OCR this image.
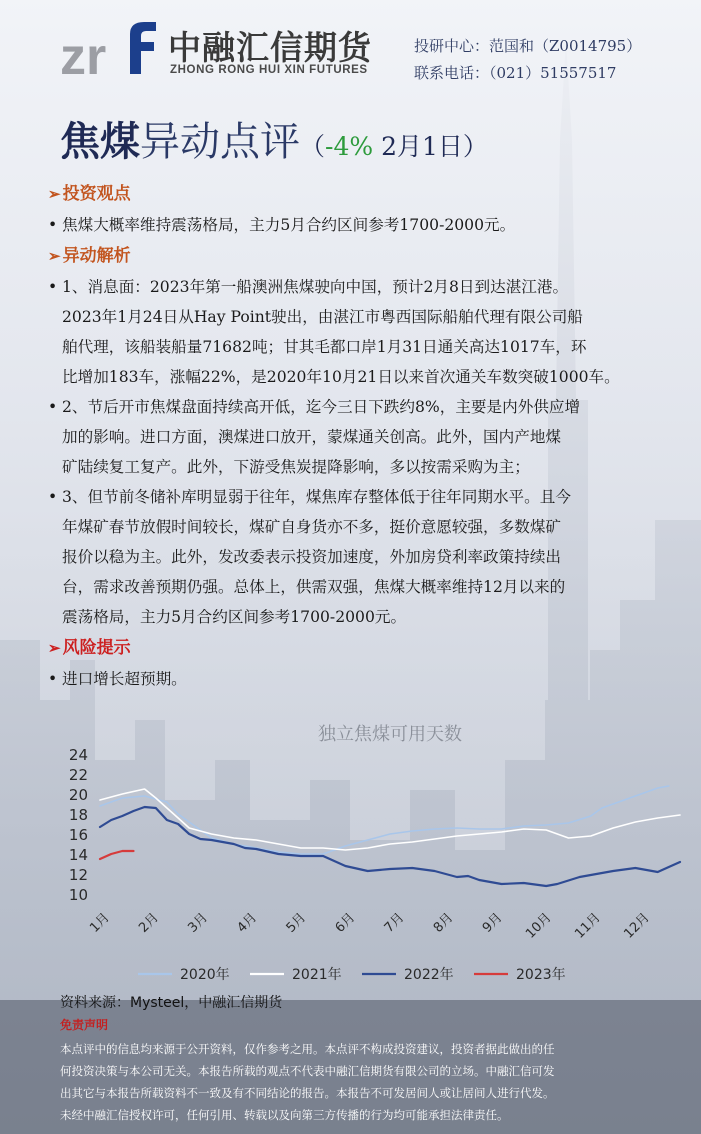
zr 中融汇信期货
ZHONG RONG HUI XIN FUTURES
投研中心：范国和（Z0014795）
联系电话：（021）51557517
焦煤异动点评（-4% 2月1日）
➢ 投资观点
• 焦煤大概率维持震荡格局，主力5月合约区间参考1700-2000元。
➢ 异动解析
• 1、消息面：2023年第一船澳洲焦煤驶向中国，预计2月8日到达湛江港。
2023年1月24日从Hay Point驶出，由湛江市粤西国际船舶代理有限公司船
舶代理，该船装船量71682吨；甘其毛都口岸1月31日通关高达1017车，环
比增加183车，涨幅22%，是2020年10月21日以来首次通关车数突破1000车。
• 2、节后开市焦煤盘面持续高开低，迄今三日下跌约8%，主要是内外供应增
加的影响。进口方面，澳煤进口放开，蒙煤通关创高。此外，国内产地煤
矿陆续复工复产。此外，下游受焦炭提降影响，多以按需采购为主；
• 3、但节前冬储补库明显弱于往年，煤焦库存整体低于往年同期水平。且今
年煤矿春节放假时间较长，煤矿自身货亦不多，挺价意愿较强，多数煤矿
报价以稳为主。此外，发改委表示投资加速度，外加房贷利率政策持续出
台，需求改善预期仍强。总体上，供需双强，焦煤大概率维持12月以来的
震荡格局，主力5月合约区间参考1700-2000元。
➢ 风险提示
• 进口增长超预期。
独立焦煤可用天数
10
12
14
16
18
20
22
24
1月 2月 3月 4月 5月 6月 7月 8月 9月 10月 11月 12月
2020年	2021年	2022年	2023年
资料来源：Mysteel，中融汇信期货
免责声明
本点评中的信息均来源于公开资料，仅作参考之用。本点评不构成投资建议，投资者据此做出的任
何投资决策与本公司无关。本报告所载的观点不代表中融汇信期货有限公司的立场。中融汇信可发
出其它与本报告所载资料不一致及有不同结论的报告。本报告不可发居间人或让居间人进行代发。
未经中融汇信授权许可，任何引用、转载以及向第三方传播的行为均可能承担法律责任。
